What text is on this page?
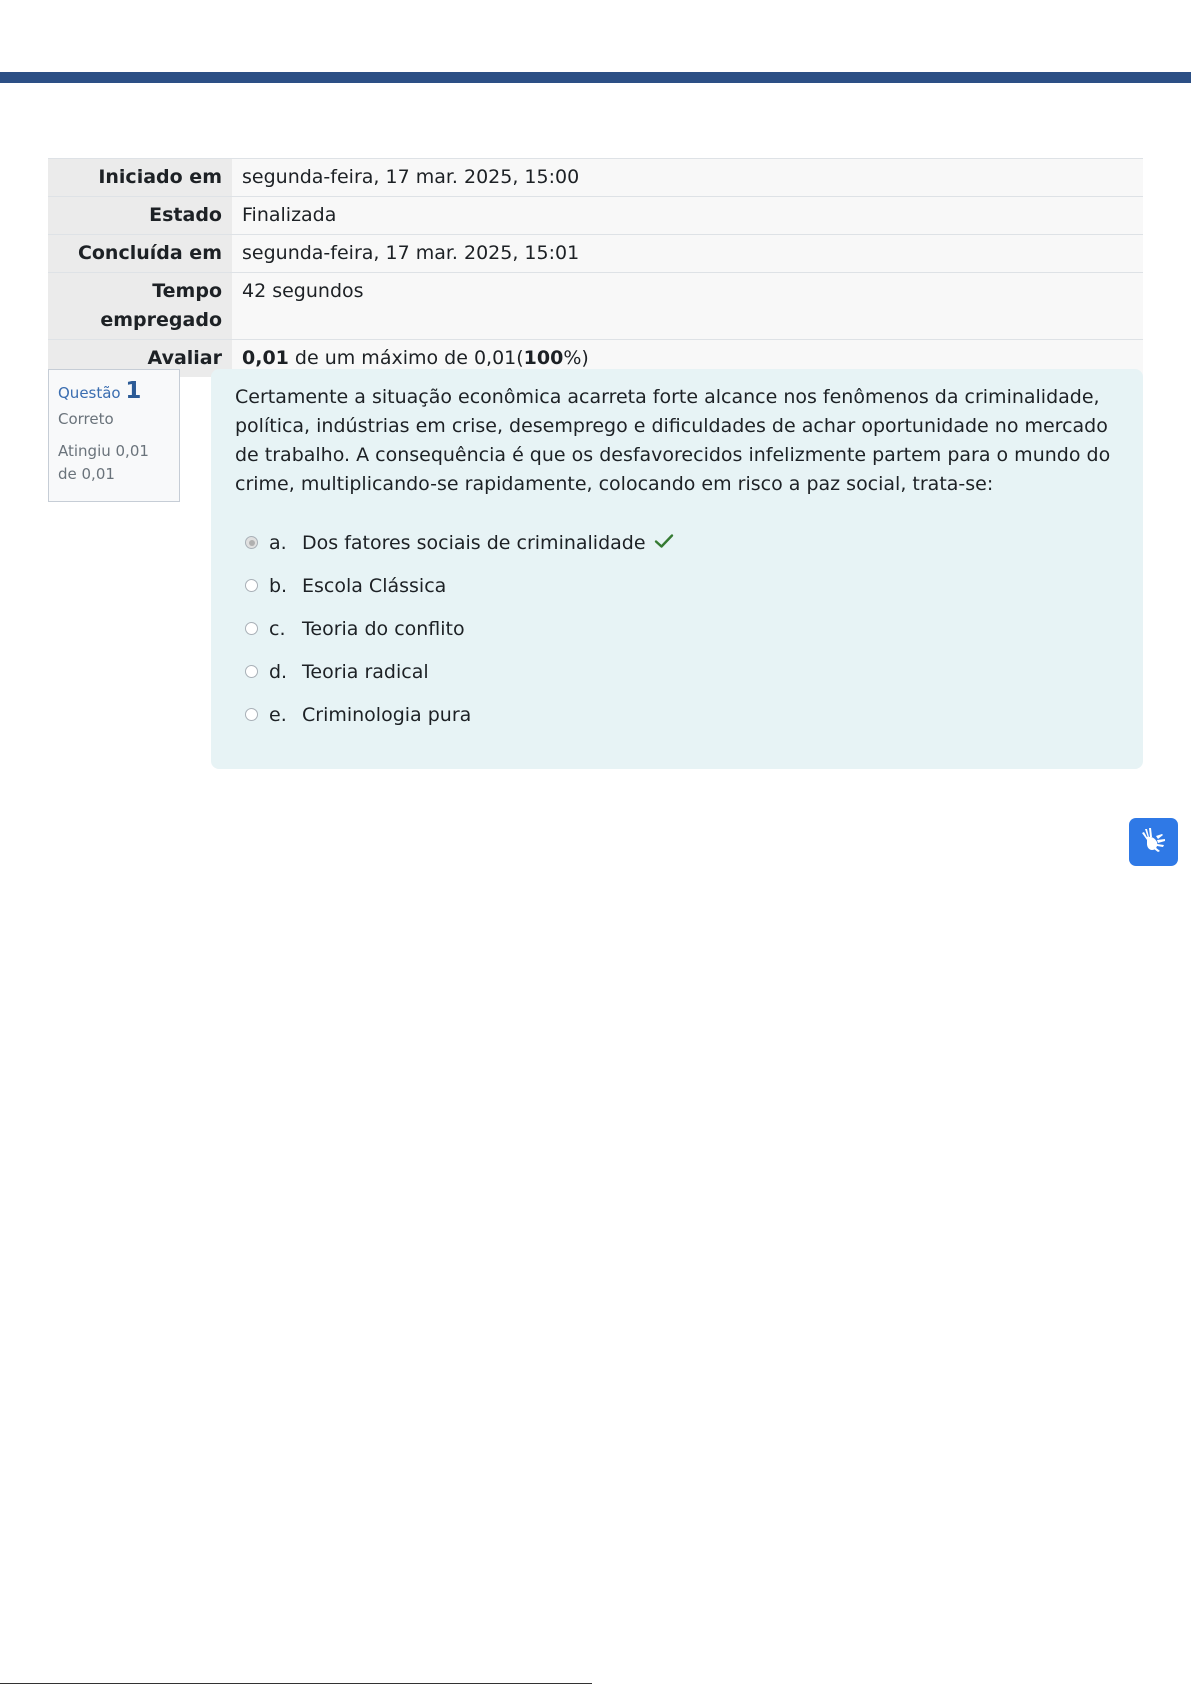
Iniciado em	segunda-feira, 17 mar. 2025, 15:00
Estado	Finalizada
Concluída em	segunda-feira, 17 mar. 2025, 15:01
Tempo empregado	42 segundos
Avaliar	0,01 de um máximo de 0,01(100%)
Questão 1
Correto
Atingiu 0,01 de 0,01

Certamente a situação econômica acarreta forte alcance nos fenômenos da criminalidade, política, indústrias em crise, desemprego e dificuldades de achar oportunidade no mercado de trabalho. A consequência é que os desfavorecidos infelizmente partem para o mundo do crime, multiplicando-se rapidamente, colocando em risco a paz social, trata-se:

a. Dos fatores sociais de criminalidade
b. Escola Clássica
c. Teoria do conflito
d. Teoria radical
e. Criminologia pura
